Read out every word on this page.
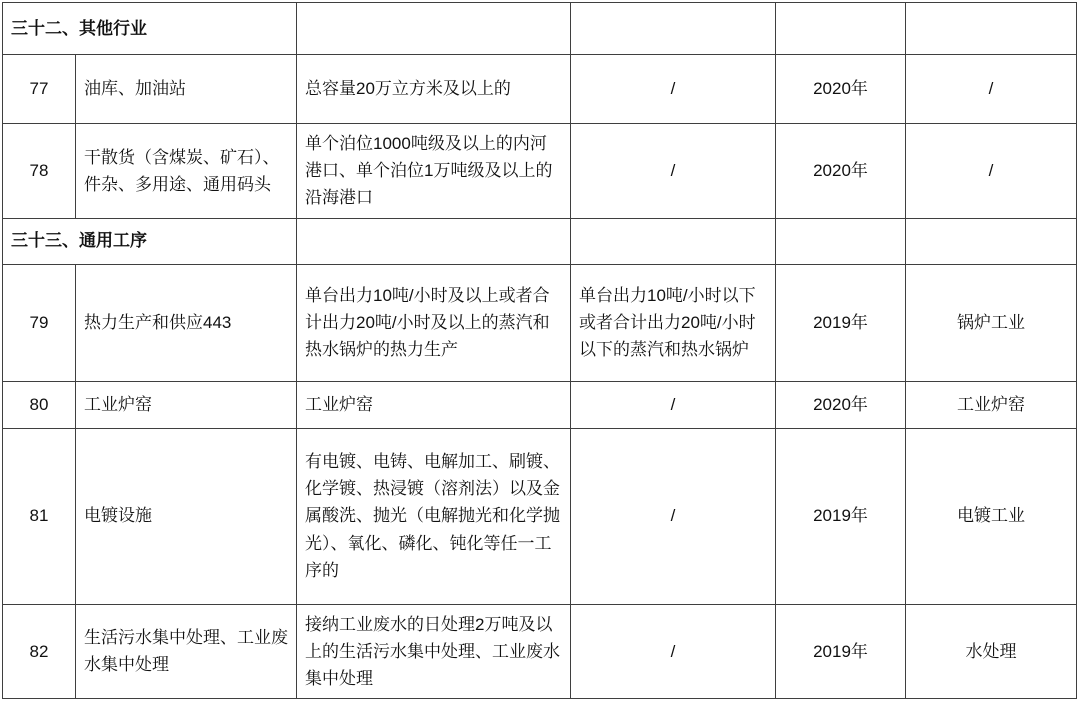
三十二、其他行业					
77	油库、加油站	总容量20万立方米及以上的	/	2020年	/
78	干散货（含煤炭、矿石）、件杂、多用途、通用码头	单个泊位1000吨级及以上的内河港口、单个泊位1万吨级及以上的沿海港口	/	2020年	/
三十三、通用工序					
79	热力生产和供应443	单台出力10吨/小时及以上或者合计出力20吨/小时及以上的蒸汽和热水锅炉的热力生产	单台出力10吨/小时以下或者合计出力20吨/小时以下的蒸汽和热水锅炉	2019年	锅炉工业
80	工业炉窑	工业炉窑	/	2020年	工业炉窑
81	电镀设施	有电镀、电铸、电解加工、刷镀、化学镀、热浸镀（溶剂法）以及金属酸洗、抛光（电解抛光和化学抛光）、氧化、磷化、钝化等任一工序的	/	2019年	电镀工业
82	生活污水集中处理、工业废水集中处理	接纳工业废水的日处理2万吨及以上的生活污水集中处理、工业废水集中处理	/	2019年	水处理
